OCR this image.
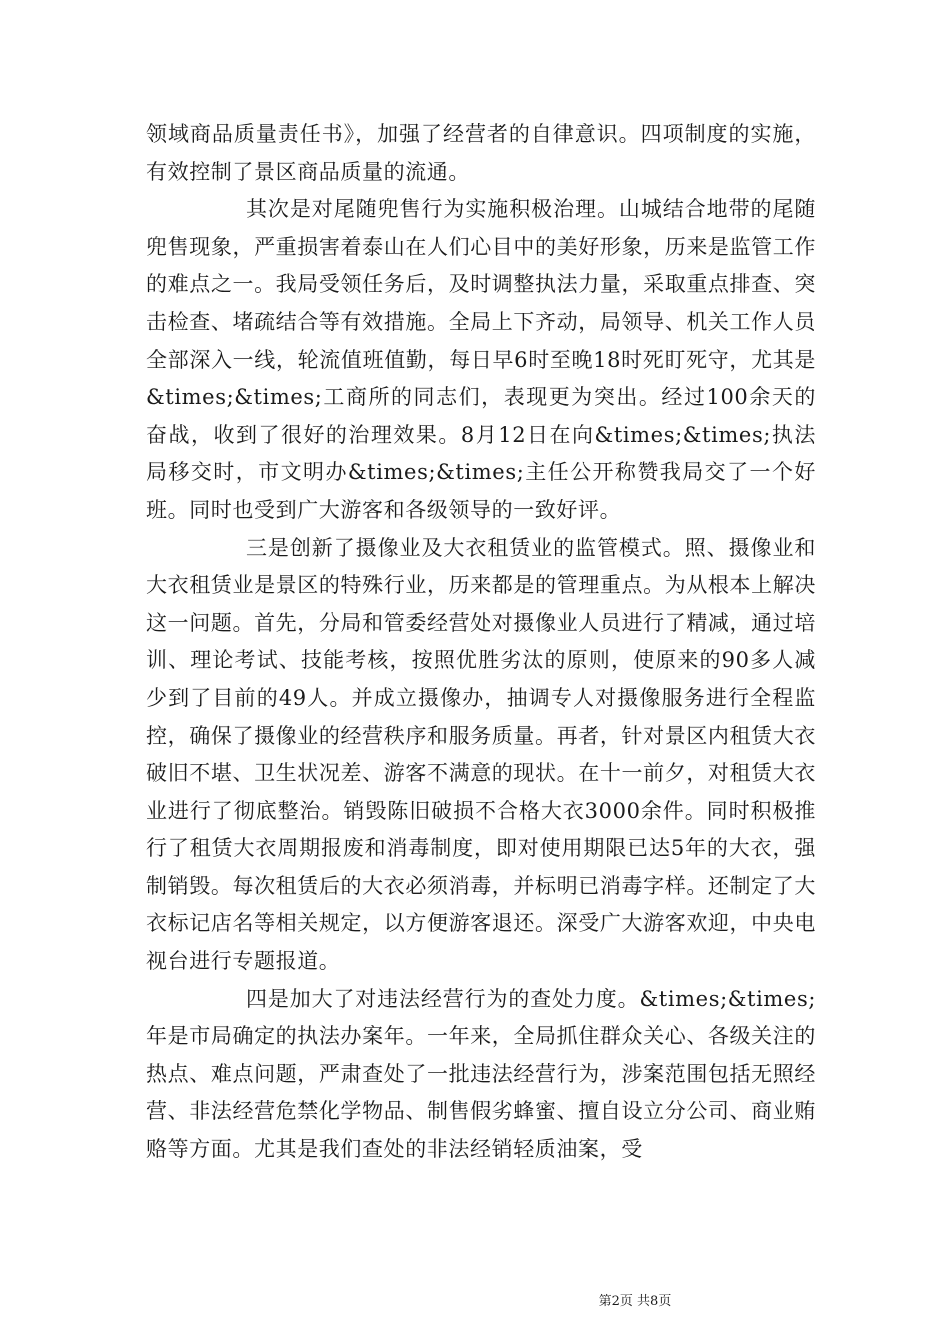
领域商品质量责任书》，加强了经营者的自律意识。四项制度的实施，有效控制了景区商品质量的流通。

其次是对尾随兜售行为实施积极治理。山城结合地带的尾随兜售现象，严重损害着泰山在人们心目中的美好形象，历来是监管工作的难点之一。我局受领任务后，及时调整执法力量，采取重点排查、突击检查、堵疏结合等有效措施。全局上下齐动，局领导、机关工作人员全部深入一线，轮流值班值勤，每日早6时至晚18时死盯死守，尤其是&times;&times;工商所的同志们，表现更为突出。经过100余天的奋战，收到了很好的治理效果。8月12日在向&times;&times;执法局移交时，市文明办&times;&times;主任公开称赞我局交了一个好班。同时也受到广大游客和各级领导的一致好评。

三是创新了摄像业及大衣租赁业的监管模式。照、摄像业和大衣租赁业是景区的特殊行业，历来都是的管理重点。为从根本上解决这一问题。首先，分局和管委经营处对摄像业人员进行了精减，通过培训、理论考试、技能考核，按照优胜劣汰的原则，使原来的90多人减少到了目前的49人。并成立摄像办，抽调专人对摄像服务进行全程监控，确保了摄像业的经营秩序和服务质量。再者，针对景区内租赁大衣破旧不堪、卫生状况差、游客不满意的现状。在十一前夕，对租赁大衣业进行了彻底整治。销毁陈旧破损不合格大衣3000余件。同时积极推行了租赁大衣周期报废和消毒制度，即对使用期限已达5年的大衣，强制销毁。每次租赁后的大衣必须消毒，并标明已消毒字样。还制定了大衣标记店名等相关规定，以方便游客退还。深受广大游客欢迎，中央电视台进行专题报道。

四是加大了对违法经营行为的查处力度。&times;&times;年是市局确定的执法办案年。一年来，全局抓住群众关心、各级关注的热点、难点问题，严肃查处了一批违法经营行为，涉案范围包括无照经营、非法经营危禁化学物品、制售假劣蜂蜜、擅自设立分公司、商业贿赂等方面。尤其是我们查处的非法经销轻质油案，受

第2页 共8页
